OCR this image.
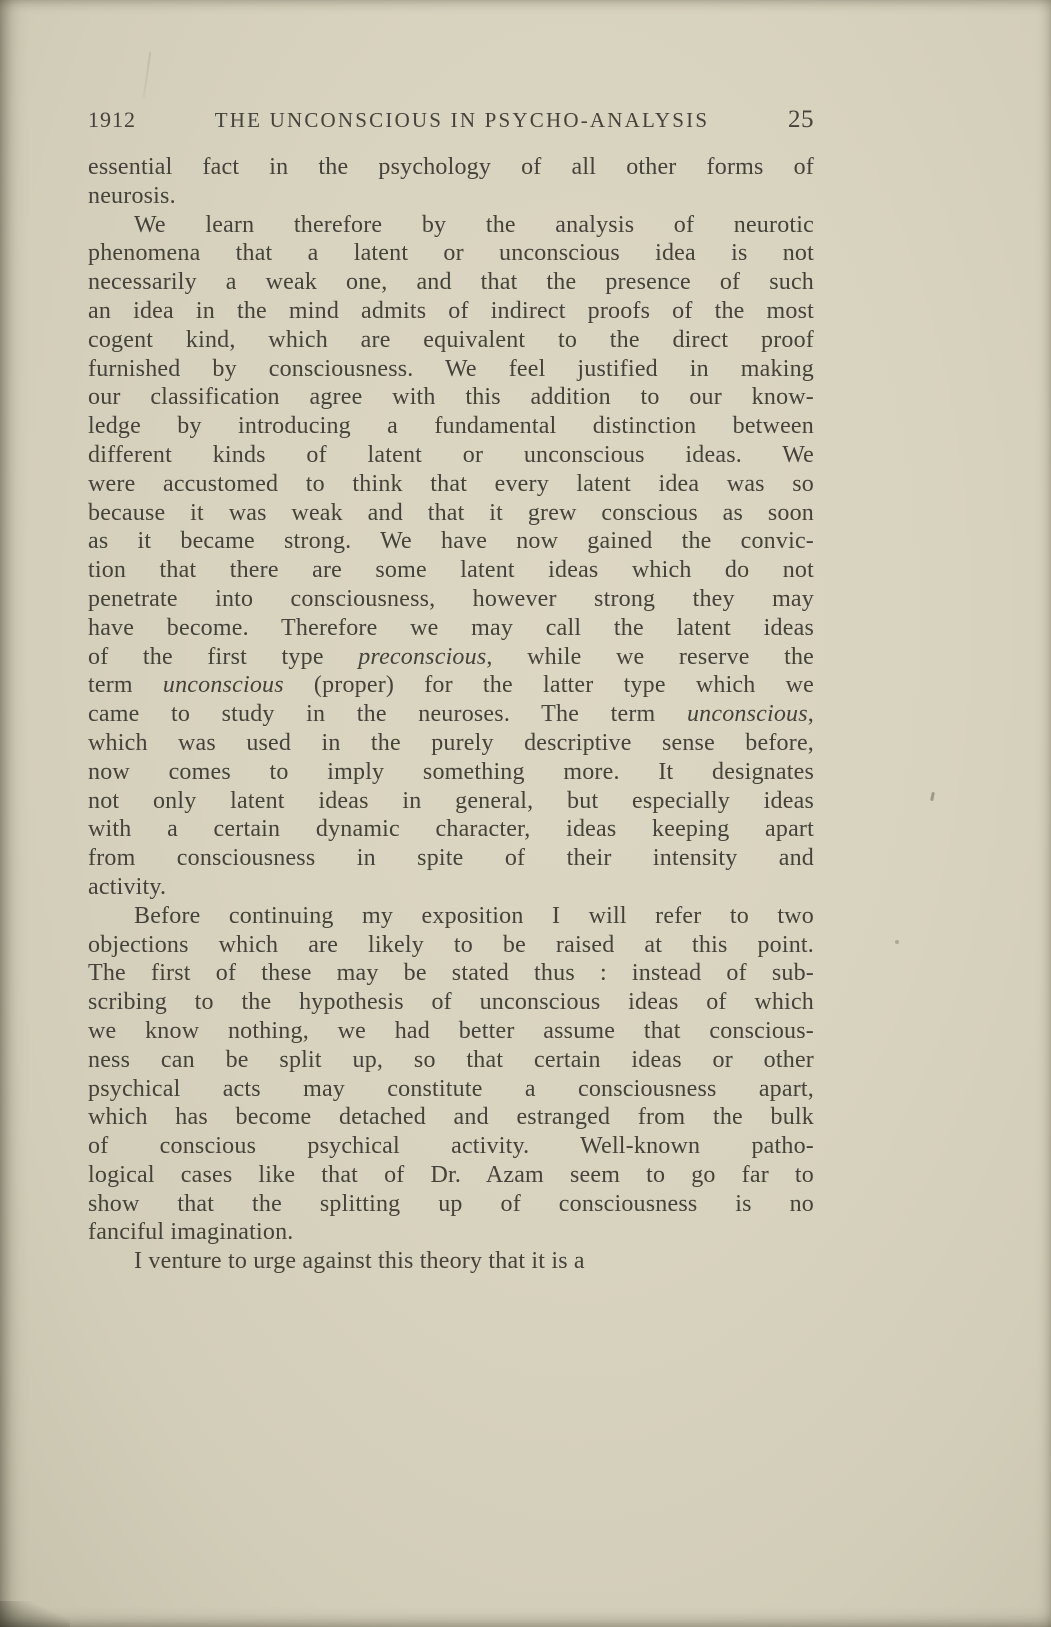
1912	THE UNCONSCIOUS IN PSYCHO-ANALYSIS	25
essential fact in the psychology of all other forms of
neurosis.
We learn therefore by the analysis of neurotic
phenomena that a latent or unconscious idea is not
necessarily a weak one, and that the presence of such
an idea in the mind admits of indirect proofs of the most
cogent kind, which are equivalent to the direct proof
furnished by consciousness. We feel justified in making
our classification agree with this addition to our know-
ledge by introducing a fundamental distinction between
different kinds of latent or unconscious ideas. We
were accustomed to think that every latent idea was so
because it was weak and that it grew conscious as soon
as it became strong. We have now gained the convic-
tion that there are some latent ideas which do not
penetrate into consciousness, however strong they may
have become. Therefore we may call the latent ideas
of the first type preconscious, while we reserve the
term unconscious (proper) for the latter type which we
came to study in the neuroses. The term unconscious,
which was used in the purely descriptive sense before,
now comes to imply something more. It designates
not only latent ideas in general, but especially ideas
with a certain dynamic character, ideas keeping apart
from consciousness in spite of their intensity and
activity.
Before continuing my exposition I will refer to two
objections which are likely to be raised at this point.
The first of these may be stated thus : instead of sub-
scribing to the hypothesis of unconscious ideas of which
we know nothing, we had better assume that conscious-
ness can be split up, so that certain ideas or other
psychical acts may constitute a consciousness apart,
which has become detached and estranged from the bulk
of conscious psychical activity. Well-known patho-
logical cases like that of Dr. Azam seem to go far to
show that the splitting up of consciousness is no
fanciful imagination.
I venture to urge against this theory that it is a
